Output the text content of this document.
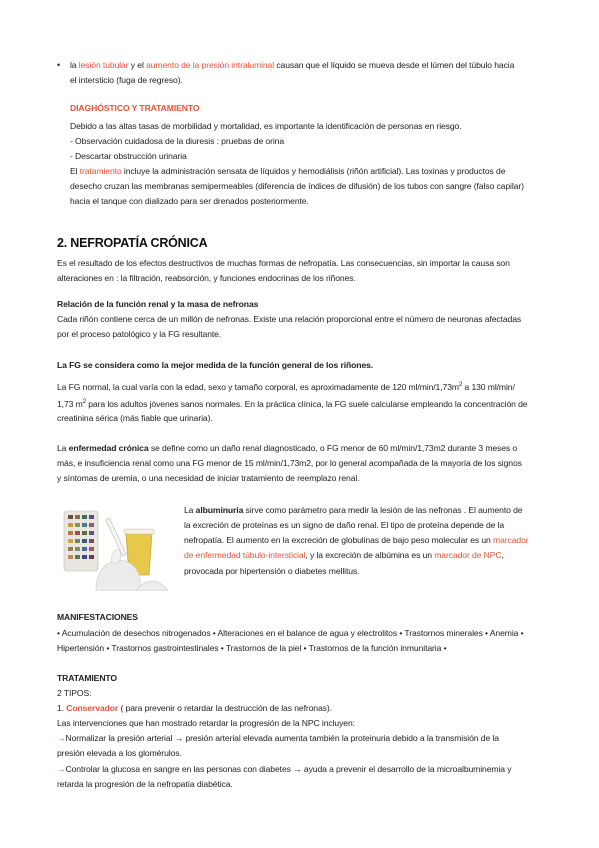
• la lesión tubular y el aumento de la presión intraluminal causan que el líquido se mueva desde el lúmen del túbulo hacia
el intersticio (fuga de regreso).
DIAGHÓSTICO Y TRATAMIENTO
Debido a las altas tasas de morbilidad y mortalidad, es importante la identificación de personas en riesgo.
- Observación cuidadosa de la diuresis : pruebas de orina
- Descartar obstrucción urinaria
El tratamiento incluye la administración sensata de líquidos y hemodiálisis (riñón artificial). Las toxinas y productos de
desecho cruzan las membranas semipermeables (diferencia de índices de difusión) de los tubos con sangre (falso capilar)
hacia el tanque con dializado para ser drenados posteriormente.
2. NEFROPATÍA CRÓNICA
Es el resultado de los efectos destructivos de muchas formas de nefropatía. Las consecuencias, sin importar la causa son
alteraciones en : la filtración, reabsorción, y funciones endocrinas de los riñones.
Relación de la función renal y la masa de nefronas
Cada riñón contiene cerca de un millón de nefronas. Existe una relación proporcional entre el número de neuronas afectadas
por el proceso patológico y la FG resultante.
La FG se considera como la mejor medida de la función general de los riñones.
La FG normal, la cual varía con la edad, sexo y tamaño corporal, es aproximadamente de 120 $ml/\min/1,73m^2$ a 130 ml/min/
1,73 $m^2$ para los adultos jóvenes sanos normales. En la práctica clínica, la FG suele calcularse empleando la concentración de
creatinina sérica (más fiable que urinaria).
La enfermedad crónica se define como un daño renal diagnosticado, o FG menor de 60 ml/min/1,73m2 durante 3 meses o
más, e insuficiencia renal como una FG menor de 15 ml/min/1,73m2, por lo general acompañada de la mayoría de los signos
y síntomas de uremia, o una necesidad de iniciar tratamiento de reemplazo renal.
La albuminuria sirve como parámetro para medir la lesión de las nefronas . El aumento de
la excreción de proteínas es un signo de daño renal. El tipo de proteína depende de la
nefropatía. El aumento en la excreción de globulinas de bajo peso molecular es un marcador
de enfermedad túbulo-intersticial, y la excreción de albúmina es un marcador de NPC,
provocada por hipertensión o diabetes mellitus.
MANIFESTACIONES
• Acumulación de desechos nitrogenados • Alteraciones en el balance de agua y electrolitos • Trastornos minerales • Anemia •
Hipertensión • Trastornos gastrointestinales • Trastornos de la piel • Trastornos de la función inmunitaria •
TRATAMIENTO
2 TIPOS:
1. Conservador ( para prevenir o retardar la destrucción de las nefronas).
Las intervenciones que han mostrado retardar la progresión de la NPC incluyen:
→Normalizar la presión arterial → presión arterial elevada aumenta también la proteinuria debido a la transmisión de la
presión elevada a los glomérulos.
→Controlar la glucosa en sangre en las personas con diabetes → ayuda a prevenir el desarrollo de la microalbuminemia y
retarda la progresión de la nefropatía diabética.
